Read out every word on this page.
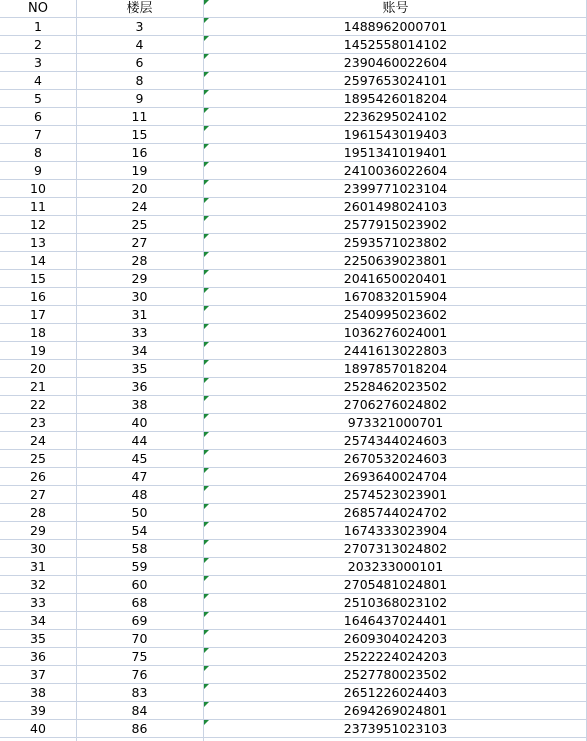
NO	楼层	账号
1	3	1488962000701
2	4	1452558014102
3	6	2390460022604
4	8	2597653024101
5	9	1895426018204
6	11	2236295024102
7	15	1961543019403
8	16	1951341019401
9	19	2410036022604
10	20	2399771023104
11	24	2601498024103
12	25	2577915023902
13	27	2593571023802
14	28	2250639023801
15	29	2041650020401
16	30	1670832015904
17	31	2540995023602
18	33	1036276024001
19	34	2441613022803
20	35	1897857018204
21	36	2528462023502
22	38	2706276024802
23	40	973321000701
24	44	2574344024603
25	45	2670532024603
26	47	2693640024704
27	48	2574523023901
28	50	2685744024702
29	54	1674333023904
30	58	2707313024802
31	59	203233000101
32	60	2705481024801
33	68	2510368023102
34	69	1646437024401
35	70	2609304024203
36	75	2522224024203
37	76	2527780023502
38	83	2651226024403
39	84	2694269024801
40	86	2373951023103
